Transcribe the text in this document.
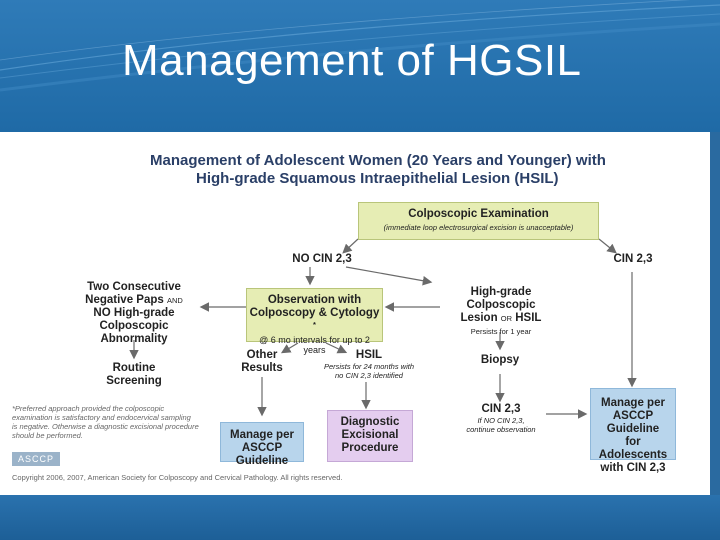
Management of HGSIL
Management of Adolescent Women (20 Years and Younger) with
High-grade Squamous Intraepithelial Lesion (HSIL)
Colposcopic Examination
(immediate loop electrosurgical excision is unacceptable)
NO CIN 2,3	CIN 2,3
Two Consecutive
Negative Paps AND
NO High-grade
Colposcopic Abnormality
Observation with
Colposcopy & Cytology *
@ 6 mo intervals for up to 2 years
High-grade Colposcopic
Lesion OR HSIL
Persists for 1 year
Other
Results
HSIL
Persists for 24 months with
no CIN 2,3 identified
Biopsy
Routine
Screening
CIN 2,3
If NO CIN 2,3,
continue observation
Manage per
ASCCP Guideline
Diagnostic
Excisional
Procedure
Manage per
ASCCP Guideline
for Adolescents
with CIN 2,3
*Preferred approach provided the colposcopic
examination is satisfactory and endocervical sampling
is negative. Otherwise a diagnostic excisional procedure
should be performed.
ASCCP
Copyright 2006, 2007, American Society for Colposcopy and Cervical Pathology. All rights reserved.
